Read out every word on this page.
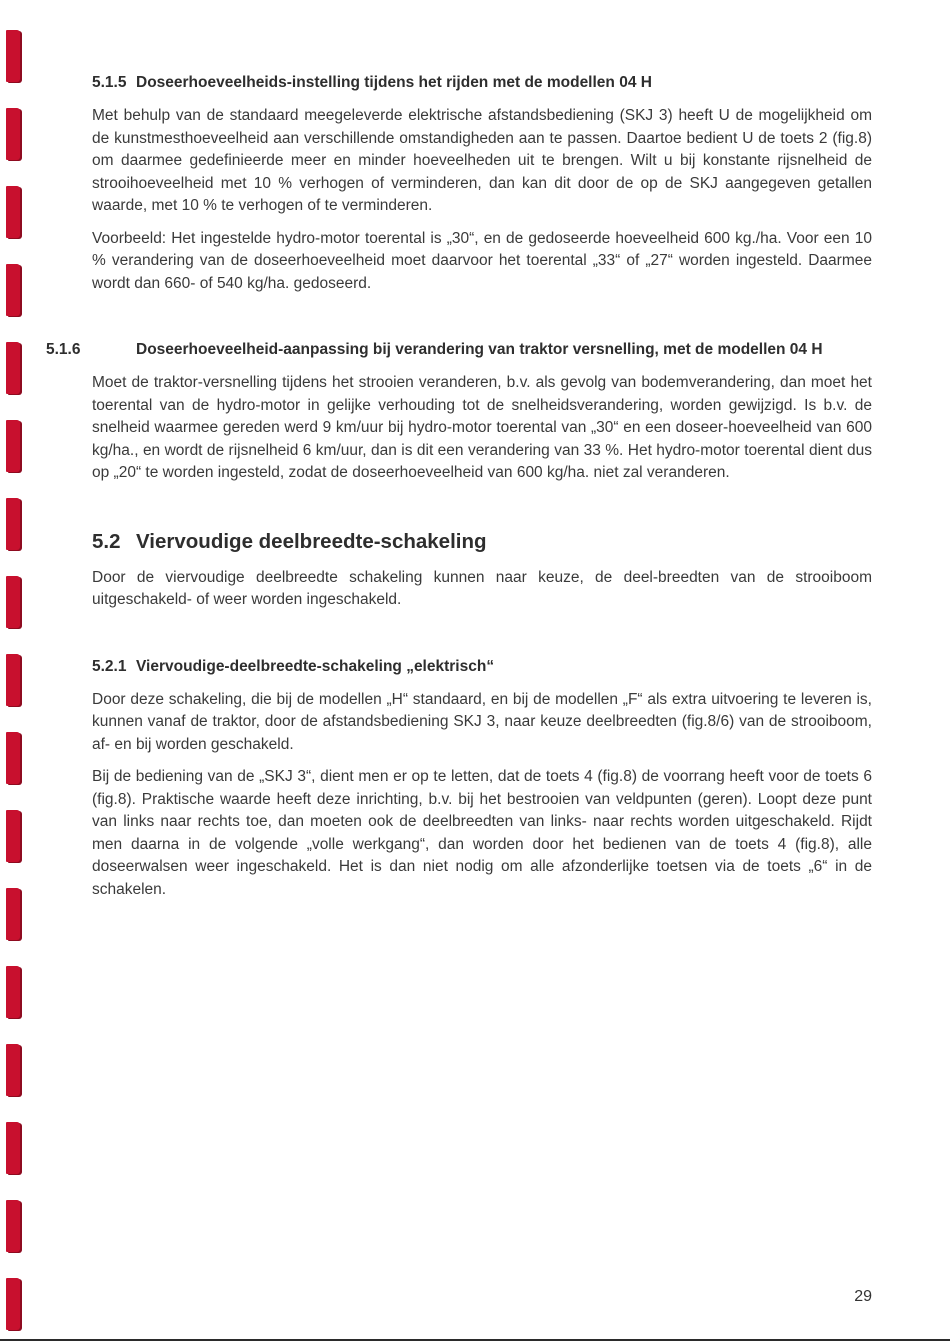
5.1.5 Doseerhoeveelheids-instelling tijdens het rijden met de modellen 04 H

Met behulp van de standaard meegeleverde elektrische afstandsbediening (SKJ 3) heeft U de mogelijkheid om de kunstmesthoeveelheid aan verschillende omstandigheden aan te passen. Daartoe bedient U de toets 2 (fig.8) om daarmee gedefinieerde meer en minder hoeveelheden uit te brengen. Wilt u bij konstante rijsnelheid de strooihoeveelheid met 10 % verhogen of verminderen, dan kan dit door de op de SKJ aangegeven getallen waarde, met 10 % te verhogen of te verminderen.

Voorbeeld: Het ingestelde hydro-motor toerental is „30“, en de gedoseerde hoeveelheid 600 kg./ha. Voor een 10 % verandering van de doseerhoeveelheid moet daarvoor het toerental „33“ of „27“ worden ingesteld. Daarmee wordt dan 660- of 540 kg/ha. gedoseerd.

5.1.6	Doseerhoeveelheid-aanpassing bij verandering van traktor versnelling, met de modellen 04 H

Moet de traktor-versnelling tijdens het strooien veranderen, b.v. als gevolg van bodemverandering, dan moet het toerental van de hydro-motor in gelijke verhouding tot de snelheidsverandering, worden gewijzigd. Is b.v. de snelheid waarmee gereden werd 9 km/uur bij hydro-motor toerental van „30“ en een doseer-hoeveelheid van 600 kg/ha., en wordt de rijsnelheid 6 km/uur, dan is dit een verandering van 33 %. Het hydro-motor toerental dient dus op „20“ te worden ingesteld, zodat de doseerhoeveelheid van 600 kg/ha. niet zal veranderen.

5.2 Viervoudige deelbreedte-schakeling

Door de viervoudige deelbreedte schakeling kunnen naar keuze, de deel-breedten van de strooiboom uitgeschakeld- of weer worden ingeschakeld.

5.2.1 Viervoudige-deelbreedte-schakeling „elektrisch“

Door deze schakeling, die bij de modellen „H“ standaard, en bij de modellen „F“ als extra uitvoering te leveren is, kunnen vanaf de traktor, door de afstandsbediening SKJ 3, naar keuze deelbreedten (fig.8/6) van de strooiboom, af- en bij worden geschakeld.

Bij de bediening van de „SKJ 3“, dient men er op te letten, dat de toets 4 (fig.8) de voorrang heeft voor de toets 6 (fig.8). Praktische waarde heeft deze inrichting, b.v. bij het bestrooien van veldpunten (geren). Loopt deze punt van links naar rechts toe, dan moeten ook de deelbreedten van links- naar rechts worden uitgeschakeld. Rijdt men daarna in de volgende „volle werkgang“, dan worden door het bedienen van de toets 4 (fig.8), alle doseerwalsen weer ingeschakeld. Het is dan niet nodig om alle afzonderlijke toetsen via de toets „6“ in de schakelen.

29
